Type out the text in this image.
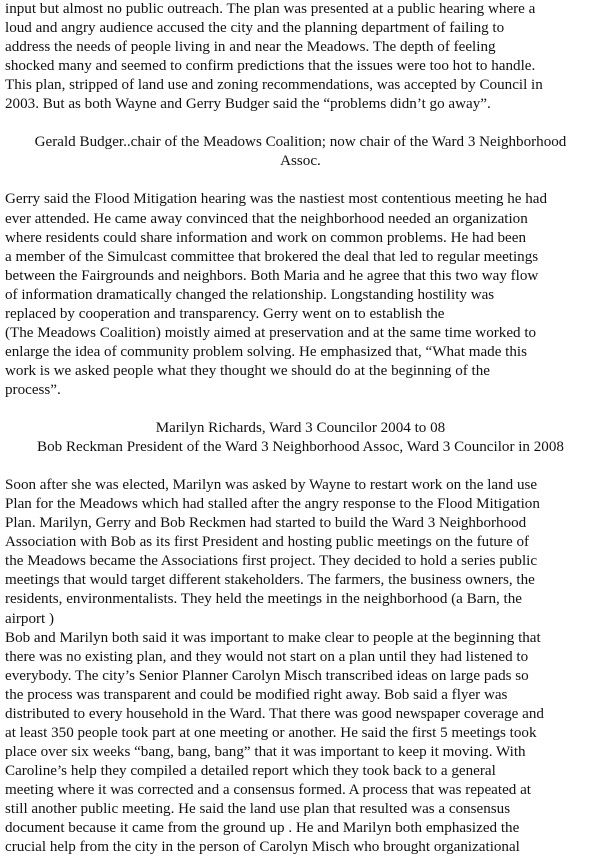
input but almost no public outreach. The plan was presented at a public hearing where a
loud and angry audience accused the city and the planning department of failing to
address the needs of people living in and near the Meadows. The depth of feeling
shocked many and seemed to confirm predictions that the issues were too hot to handle.
This plan, stripped of land use and zoning recommendations, was accepted by Council in
2003. But as both Wayne and Gerry Budger said the “problems didn’t go away”.
Gerald Budger..chair of the Meadows Coalition; now chair of the Ward 3 Neighborhood
Assoc.
Gerry said the Flood Mitigation hearing was the nastiest most contentious meeting he had
ever attended. He came away convinced that the neighborhood needed an organization
where residents could share information and work on common problems. He had been
a member of the Simulcast committee that brokered the deal that led to regular meetings
between the Fairgrounds and neighbors. Both Maria and he agree that this two way flow
of information dramatically changed the relationship. Longstanding hostility was
replaced by cooperation and transparency. Gerry went on to establish the
(The Meadows Coalition) moistly aimed at preservation and at the same time worked to
enlarge the idea of community problem solving. He emphasized that, “What made this
work is we asked people what they thought we should do at the beginning of the
process”.
Marilyn Richards, Ward 3 Councilor 2004 to 08
Bob Reckman President of the Ward 3 Neighborhood Assoc, Ward 3 Councilor in 2008
Soon after she was elected, Marilyn was asked by Wayne to restart work on the land use
Plan for the Meadows which had stalled after the angry response to the Flood Mitigation
Plan. Marilyn, Gerry and Bob Reckmen had started to build the Ward 3 Neighborhood
Association with Bob as its first President and hosting public meetings on the future of
the Meadows became the Associations first project. They decided to hold a series public
meetings that would target different stakeholders. The farmers, the business owners, the
residents, environmentalists. They held the meetings in the neighborhood (a Barn, the
airport )
Bob and Marilyn both said it was important to make clear to people at the beginning that
there was no existing plan, and they would not start on a plan until they had listened to
everybody. The city’s Senior Planner Carolyn Misch transcribed ideas on large pads so
the process was transparent and could be modified right away. Bob said a flyer was
distributed to every household in the Ward. That there was good newspaper coverage and
at least 350 people took part at one meeting or another. He said the first 5 meetings took
place over six weeks “bang, bang, bang” that it was important to keep it moving. With
Caroline’s help they compiled a detailed report which they took back to a general
meeting where it was corrected and a consensus formed. A process that was repeated at
still another public meeting. He said the land use plan that resulted was a consensus
document because it came from the ground up . He and Marilyn both emphasized the
crucial help from the city in the person of Carolyn Misch who brought organizational
